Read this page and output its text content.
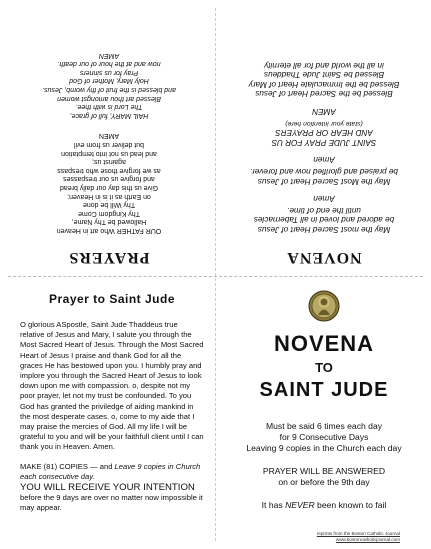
PRAYERS
OUR FATHER Who art in Heaven
Hallowed be Thy Name,
Thy Kingdom Come
Thy Will be done
on Earth as it is in Heaven;
Give us this day our daily bread
and forgive us our trespasses
as we forgive those who trespass
against us;
and lead us not into temptation
but deliver us from evil
AMEN
HAIL MARY, full of grace,
The Lord is with thee.
Blessed art thou amongst women
and blessed is the fruit of thy womb, Jesus.
Holy Mary, Mother of God
Pray for us sinners
now and at the hour of our death.
AMEN
NOVENA
May the most Sacred Heart of Jesus
be adored and loved in all Tabernacles
until the end of time.
Amen
May the Most Sacred Heart of Jesus
be praised and glorified now and forever.
Amen
SAINT JUDE PRAY FOR US
AND HEAR OR PRAYERS
(state your intention here)
AMEN
Blessed be the Sacred Heart of Jesus
Blessed be the Immaculate Heart of Mary
Blessed be Saint Jude Thaddeus
in all the world and for all eternity
Prayer to Saint Jude
O glorious ASpostle, Saint Jude Thaddeus true relative of Jesus and Mary, I salute you through the Most Sacred Heart of Jesus. Through the Most Sacred Heart of Jesus I praise and thank God for all the graces He has bestowed upon you. I humbly pray and implore you through the Sacred Heart of Jesus to look down upon me with compassion. o, despite not my poor prayer, let not my trust be confounded. To you God has granted the priviledge of aiding mankind in the most desperate cases. o, come to my aide that I may praise the mercies of God. All my life I will be grateful to you and will be your faithfull client until I can thank you in Heaven. Amen.
MAKE (81) COPIES — and Leave 9 copies in Church each consecutive day.
YOU WILL RECEIVE YOUR INTENTION
before the 9 days are over no matter now impossible it may appear.
NOVENA
TO
SAINT JUDE
Must be said 6 times each day
for 9 Consecutive Days
Leaving 9 copies in the Church each day
PRAYER WILL BE ANSWERED
on or before the 9th day
It has NEVER been known to fail
reprints from the Boston Catholic Journal
www.bostoncatholicjournal.com
